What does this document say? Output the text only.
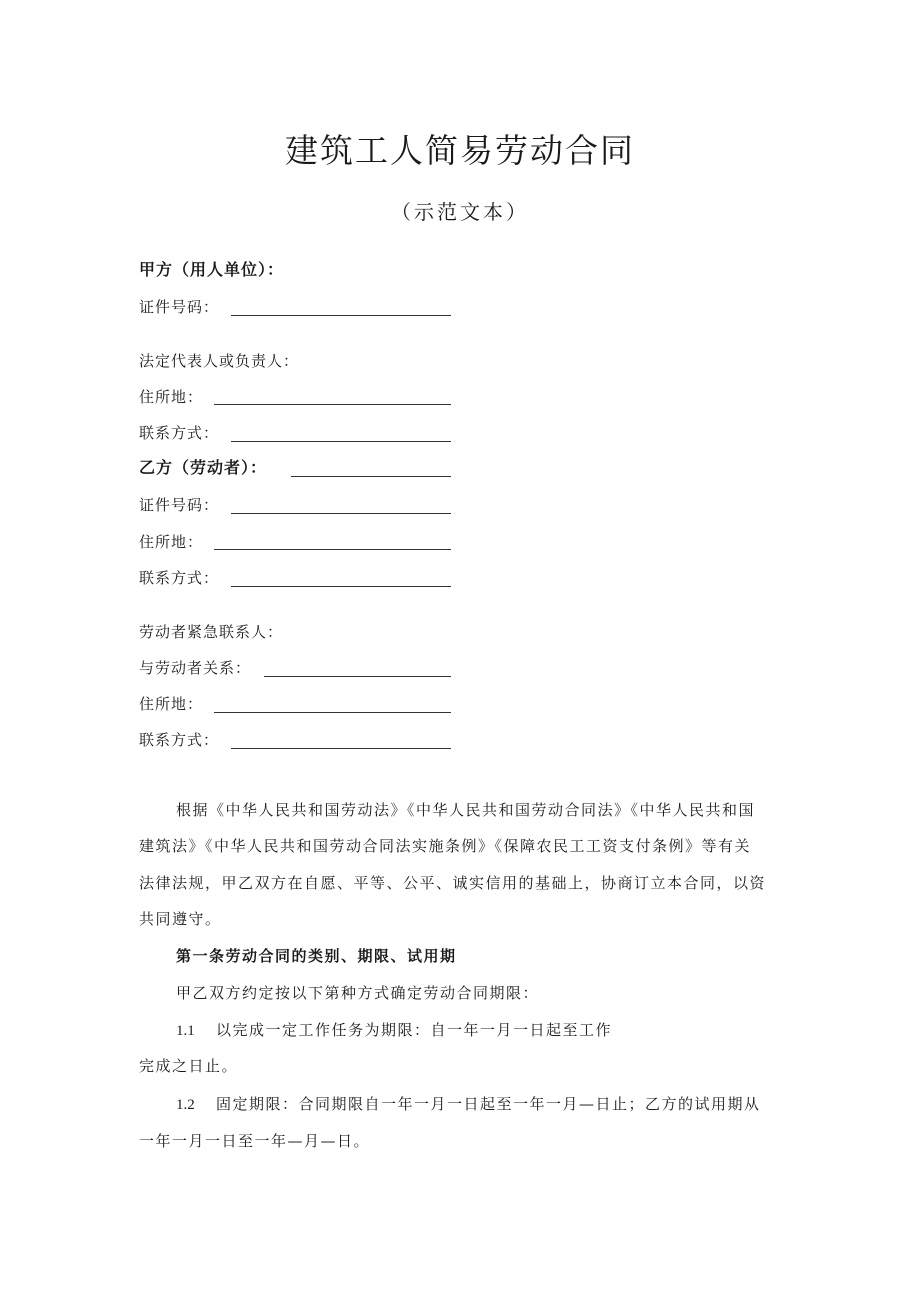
建筑工人简易劳动合同
（示范文本）
甲方（用人单位）：
证件号码：
法定代表人或负责人：
住所地：
联系方式：
乙方（劳动者）：
证件号码：
住所地：
联系方式：
劳动者紧急联系人：
与劳动者关系：
住所地：
联系方式：
根据《中华人民共和国劳动法》《中华人民共和国劳动合同法》《中华人民共和国
建筑法》《中华人民共和国劳动合同法实施条例》《保障农民工工资支付条例》等有关
法律法规，甲乙双方在自愿、平等、公平、诚实信用的基础上，协商订立本合同，以资
共同遵守。
第一条劳动合同的类别、期限、试用期
甲乙双方约定按以下第种方式确定劳动合同期限：
1.1 以完成一定工作任务为期限：自一年一月一日起至工作
完成之日止。
1.2 固定期限：合同期限自一年一月一日起至一年一月—日止；乙方的试用期从
一年一月一日至一年—月—日。
